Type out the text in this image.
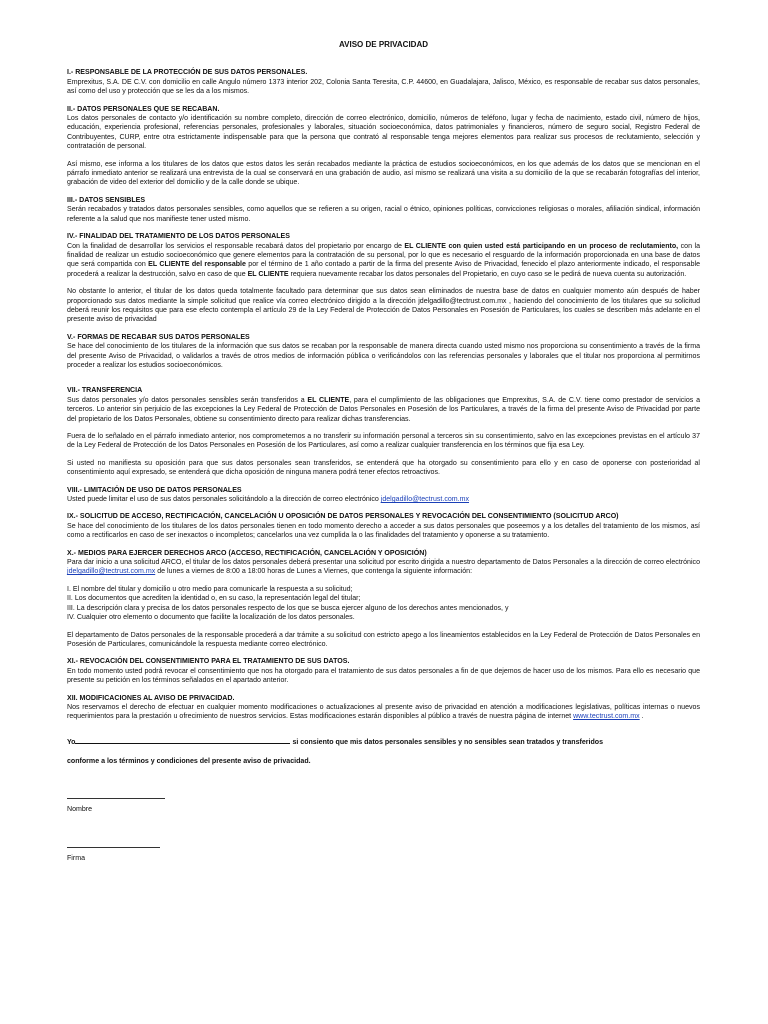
AVISO DE PRIVACIDAD
I.- RESPONSABLE DE LA PROTECCIÓN DE SUS DATOS PERSONALES.
Emprexitus, S.A. DE C.V. con domicilio en calle Angulo número 1373 interior 202, Colonia Santa Teresita, C.P. 44600, en Guadalajara, Jalisco, México, es responsable de recabar sus datos personales, así como del uso y protección que se les da a los mismos.
II.- DATOS PERSONALES QUE SE RECABAN.

Los datos personales de contacto y/o identificación su nombre completo, dirección de correo electrónico, domicilio, números de teléfono, lugar y fecha de nacimiento, estado civil, número de hijos, educación, experiencia profesional, referencias personales, profesionales y laborales, situación socioeconómica, datos patrimoniales y financieros, número de seguro social, Registro Federal de Contribuyentes, CURP, entre otra estrictamente indispensable para que la persona que contrató al responsable tenga mejores elementos para realizar sus procesos de reclutamiento, selección y contratación de personal.

Así mismo, ese informa a los titulares de los datos que estos datos les serán recabados mediante la práctica de estudios socioeconómicos, en los que además de los datos que se mencionan en el párrafo inmediato anterior se realizará una entrevista de la cual se conservará en una grabación de audio, así mismo se realizará una visita a su domicilio de la que se recabarán fotografías del interior, grabación de video del exterior del domicilio y de la calle donde se ubique.

III.- DATOS SENSIBLES
Serán recabados y tratados datos personales sensibles, como aquellos que se refieren a su origen, racial o étnico, opiniones políticas, convicciones religiosas o morales, afiliación sindical, información referente a la salud que nos manifieste tener usted mismo.
IV.- FINALIDAD DEL TRATAMIENTO DE LOS DATOS PERSONALES

Con la finalidad de desarrollar los servicios el responsable recabará datos del propietario por encargo de EL CLIENTE con quien usted está participando en un proceso de reclutamiento, con la finalidad de realizar un estudio socioeconómico que genere elementos para la contratación de su personal, por lo que es necesario el resguardo de la información proporcionada en una base de datos que será compartida con EL CLIENTE del responsable por el término de 1 año contado a partir de la firma del presente Aviso de Privacidad, fenecido el plazo anteriormente indicado, el responsable procederá a realizar la destrucción, salvo en caso de que EL CLIENTE requiera nuevamente recabar los datos personales del Propietario, en cuyo caso se le pedirá de nueva cuenta su autorización.

No obstante lo anterior, el titular de los datos queda totalmente facultado para determinar que sus datos sean eliminados de nuestra base de datos en cualquier momento aún después de haber proporcionado sus datos mediante la simple solicitud que realice vía correo electrónico dirigido a la dirección jdelgadillo@tectrust.com.mx , haciendo del conocimiento de los titulares que su solicitud deberá reunir los requisitos que para ese efecto contempla el artículo 29 de la Ley Federal de Protección de Datos Personales en Posesión de Particulares, los cuales se describen más adelante en el presente aviso de privacidad

V.- FORMAS DE RECABAR SUS DATOS PERSONALES
Se hace del conocimiento de los titulares de la información que sus datos se recaban por la responsable de manera directa cuando usted mismo nos proporciona su consentimiento a través de la firma del presente Aviso de Privacidad, o validarlos a través de otros medios de información pública o verificándolos con las referencias personales y laborales que el titular nos proporciona al permitirnos proceder a realizar los estudios socioeconómicos.
VII.- TRANSFERENCIA

Sus datos personales y/o datos personales sensibles serán transferidos a EL CLIENTE, para el cumplimiento de las obligaciones que Emprexitus, S.A. de C.V. tiene como prestador de servicios a terceros. Lo anterior sin perjuicio de las excepciones la Ley Federal de Protección de Datos Personales en Posesión de los Particulares, a través de la firma del presente Aviso de Privacidad por parte del propietario de los Datos Personales, obtiene su consentimiento directo para realizar dichas transferencias.

Fuera de lo señalado en el párrafo inmediato anterior, nos comprometemos a no transferir su información personal a terceros sin su consentimiento, salvo en las excepciones previstas en el artículo 37 de la Ley Federal de Protección de los Datos Personales en Posesión de los Particulares, así como a realizar cualquier transferencia en los términos que fija esa Ley.

Si usted no manifiesta su oposición para que sus datos personales sean transferidos, se entenderá que ha otorgado su consentimiento para ello y en caso de oponerse con posterioridad al consentimiento aquí expresado, se entenderá que dicha oposición de ninguna manera podrá tener efectos retroactivos.

VIII.- LIMITACIÓN DE USO DE DATOS PERSONALES
Usted puede limitar el uso de sus datos personales solicitándolo a la dirección de correo electrónico jdelgadillo@tectrust.com.mx
IX.- SOLICITUD DE ACCESO, RECTIFICACIÓN, CANCELACIÓN U OPOSICIÓN DE DATOS PERSONALES Y REVOCACIÓN DEL CONSENTIMIENTO (SOLICITUD ARCO)
Se hace del conocimiento de los titulares de los datos personales tienen en todo momento derecho a acceder a sus datos personales que poseemos y a los detalles del tratamiento de los mismos, así como a rectificarlos en caso de ser inexactos o incompletos; cancelarlos una vez cumplida la o las finalidades del tratamiento y oponerse a su tratamiento.
X.- MEDIOS PARA EJERCER DERECHOS ARCO (ACCESO, RECTIFICACIÓN, CANCELACIÓN Y OPOSICIÓN)

Para dar inicio a una solicitud ARCO, el titular de los datos personales deberá presentar una solicitud por escrito dirigida a nuestro departamento de Datos Personales a la dirección de correo electrónico jdelgadillo@tectrust.com.mx de lunes a viernes de 8:00 a 18:00 horas de Lunes a Viernes, que contenga la siguiente información:

I. El nombre del titular y domicilio u otro medio para comunicarle la respuesta a su solicitud;
II. Los documentos que acrediten la identidad o, en su caso, la representación legal del titular;
III. La descripción clara y precisa de los datos personales respecto de los que se busca ejercer alguno de los derechos antes mencionados, y
IV. Cualquier otro elemento o documento que facilite la localización de los datos personales.

El departamento de Datos personales de la responsable procederá a dar trámite a su solicitud con estricto apego a los lineamientos establecidos en la Ley Federal de Protección de Datos Personales en Posesión de Particulares, comunicándole la respuesta mediante correo electrónico.

XI.- REVOCACIÓN DEL CONSENTIMIENTO PARA EL TRATAMIENTO DE SUS DATOS.
En todo momento usted podrá revocar el consentimiento que nos ha otorgado para el tratamiento de sus datos personales a fin de que dejemos de hacer uso de los mismos. Para ello es necesario que presente su petición en los términos señalados en el apartado anterior.
XII. MODIFICACIONES AL AVISO DE PRIVACIDAD.
Nos reservamos el derecho de efectuar en cualquier momento modificaciones o actualizaciones al presente aviso de privacidad en atención a modificaciones legislativas, políticas internas o nuevos requerimientos para la prestación u ofrecimiento de nuestros servicios. Estas modificaciones estarán disponibles al público a través de nuestra página de internet www.tectrust.com.mx .
Yo	si consiento que mis datos personales sensibles y no sensibles sean tratados y transferidos
conforme a los términos y condiciones del presente aviso de privacidad.
Nombre
Firma
